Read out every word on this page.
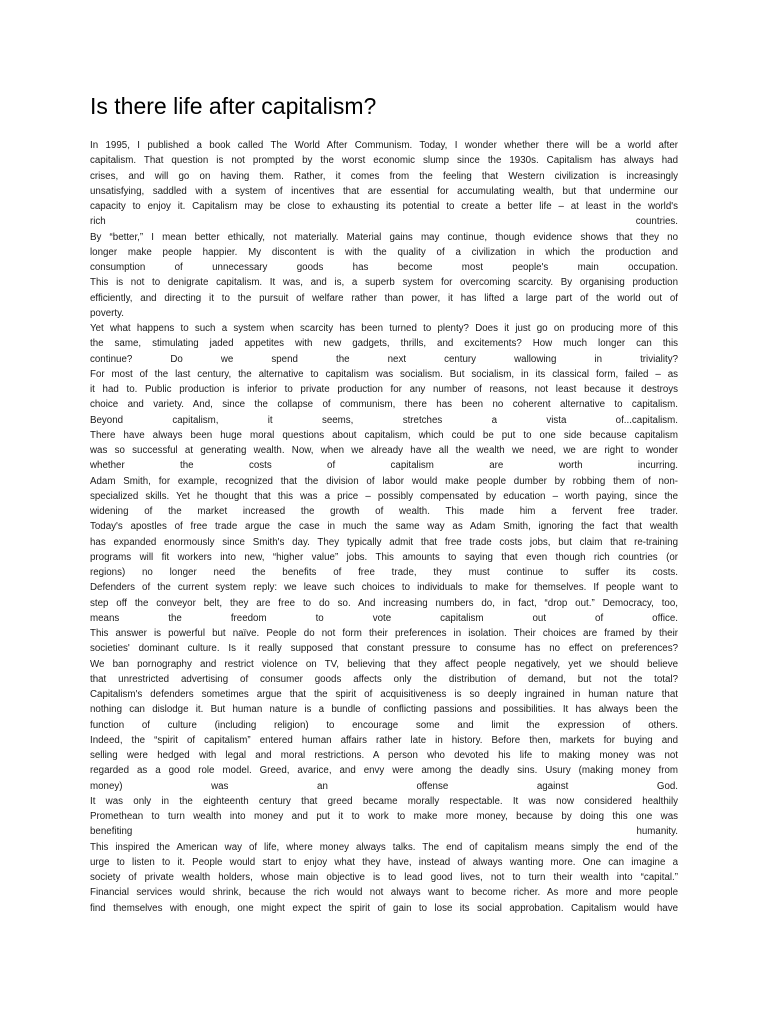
Is there life after capitalism?
In 1995, I published a book called The World After Communism. Today, I wonder whether there will be a world after
capitalism. That question is not prompted by the worst economic slump since the 1930s. Capitalism has always had
crises, and will go on having them. Rather, it comes from the feeling that Western civilization is increasingly
unsatisfying, saddled with a system of incentives that are essential for accumulating wealth, but that undermine our
capacity to enjoy it. Capitalism may be close to exhausting its potential to create a better life – at least in the world's
rich countries.
By “better,” I mean better ethically, not materially. Material gains may continue, though evidence shows that they no
longer make people happier. My discontent is with the quality of a civilization in which the production and
consumption of unnecessary goods has become most people's main occupation.
This is not to denigrate capitalism. It was, and is, a superb system for overcoming scarcity. By organising production
efficiently, and directing it to the pursuit of welfare rather than power, it has lifted a large part of the world out of
poverty.
Yet what happens to such a system when scarcity has been turned to plenty? Does it just go on producing more of this
the same, stimulating jaded appetites with new gadgets, thrills, and excitements? How much longer can this
continue? Do we spend the next century wallowing in triviality?
For most of the last century, the alternative to capitalism was socialism. But socialism, in its classical form, failed – as
it had to. Public production is inferior to private production for any number of reasons, not least because it destroys
choice and variety. And, since the collapse of communism, there has been no coherent alternative to capitalism.
Beyond capitalism, it seems, stretches a vista of...capitalism.
There have always been huge moral questions about capitalism, which could be put to one side because capitalism
was so successful at generating wealth. Now, when we already have all the wealth we need, we are right to wonder
whether the costs of capitalism are worth incurring.
Adam Smith, for example, recognized that the division of labor would make people dumber by robbing them of non-
specialized skills. Yet he thought that this was a price – possibly compensated by education – worth paying, since the
widening of the market increased the growth of wealth. This made him a fervent free trader.
Today's apostles of free trade argue the case in much the same way as Adam Smith, ignoring the fact that wealth
has expanded enormously since Smith's day. They typically admit that free trade costs jobs, but claim that re-training
programs will fit workers into new, “higher value” jobs. This amounts to saying that even though rich countries (or
regions) no longer need the benefits of free trade, they must continue to suffer its costs.
Defenders of the current system reply: we leave such choices to individuals to make for themselves. If people want to
step off the conveyor belt, they are free to do so. And increasing numbers do, in fact, “drop out.” Democracy, too,
means the freedom to vote capitalism out of office.
This answer is powerful but naïve. People do not form their preferences in isolation. Their choices are framed by their
societies' dominant culture. Is it really supposed that constant pressure to consume has no effect on preferences?
We ban pornography and restrict violence on TV, believing that they affect people negatively, yet we should believe
that unrestricted advertising of consumer goods affects only the distribution of demand, but not the total?
Capitalism's defenders sometimes argue that the spirit of acquisitiveness is so deeply ingrained in human nature that
nothing can dislodge it. But human nature is a bundle of conflicting passions and possibilities. It has always been the
function of culture (including religion) to encourage some and limit the expression of others.
Indeed, the “spirit of capitalism” entered human affairs rather late in history. Before then, markets for buying and
selling were hedged with legal and moral restrictions. A person who devoted his life to making money was not
regarded as a good role model. Greed, avarice, and envy were among the deadly sins. Usury (making money from
money) was an offense against God.
It was only in the eighteenth century that greed became morally respectable. It was now considered healthily
Promethean to turn wealth into money and put it to work to make more money, because by doing this one was
benefiting humanity.
This inspired the American way of life, where money always talks. The end of capitalism means simply the end of the
urge to listen to it. People would start to enjoy what they have, instead of always wanting more. One can imagine a
society of private wealth holders, whose main objective is to lead good lives, not to turn their wealth into “capital.”
Financial services would shrink, because the rich would not always want to become richer. As more and more people
find themselves with enough, one might expect the spirit of gain to lose its social approbation. Capitalism would have
